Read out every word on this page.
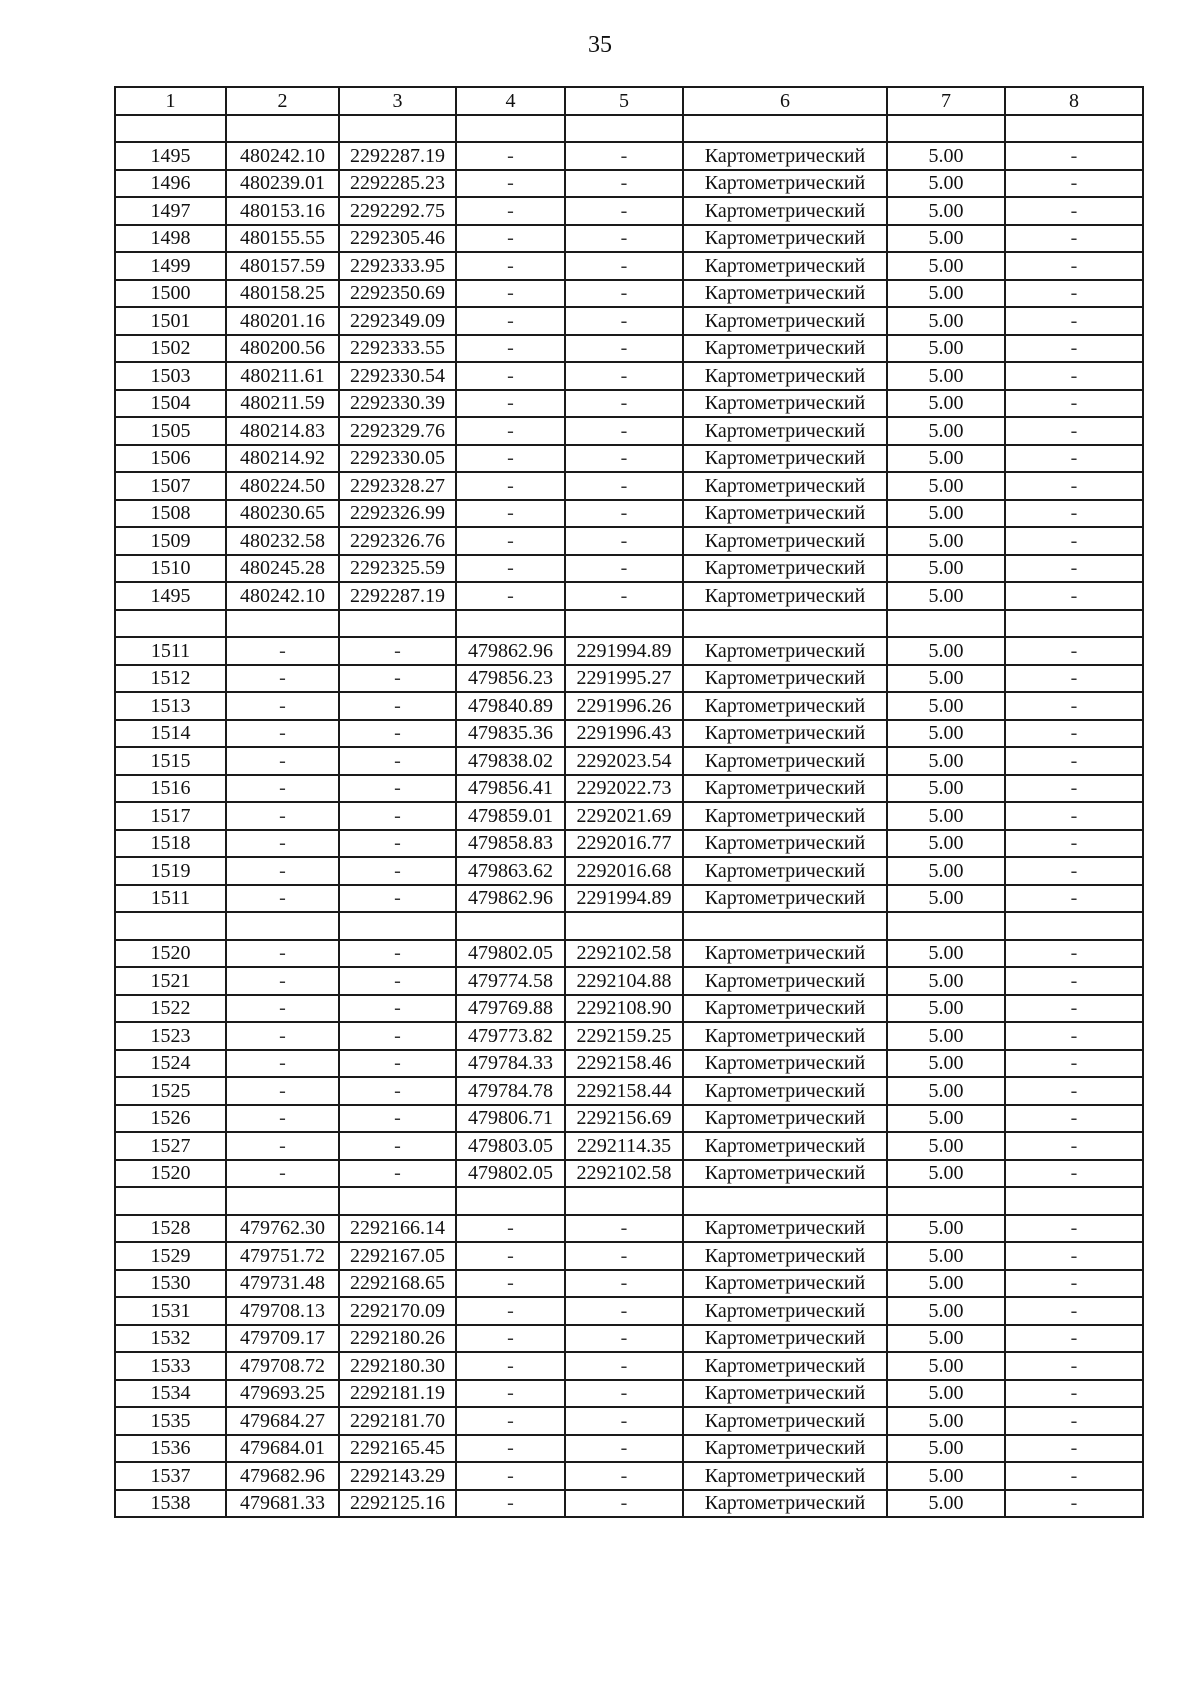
35
1	2	3	4	5	6	7	8

1495	480242.10	2292287.19	-	-	Картометрический	5.00	-
1496	480239.01	2292285.23	-	-	Картометрический	5.00	-
1497	480153.16	2292292.75	-	-	Картометрический	5.00	-
1498	480155.55	2292305.46	-	-	Картометрический	5.00	-
1499	480157.59	2292333.95	-	-	Картометрический	5.00	-
1500	480158.25	2292350.69	-	-	Картометрический	5.00	-
1501	480201.16	2292349.09	-	-	Картометрический	5.00	-
1502	480200.56	2292333.55	-	-	Картометрический	5.00	-
1503	480211.61	2292330.54	-	-	Картометрический	5.00	-
1504	480211.59	2292330.39	-	-	Картометрический	5.00	-
1505	480214.83	2292329.76	-	-	Картометрический	5.00	-
1506	480214.92	2292330.05	-	-	Картометрический	5.00	-
1507	480224.50	2292328.27	-	-	Картометрический	5.00	-
1508	480230.65	2292326.99	-	-	Картометрический	5.00	-
1509	480232.58	2292326.76	-	-	Картометрический	5.00	-
1510	480245.28	2292325.59	-	-	Картометрический	5.00	-
1495	480242.10	2292287.19	-	-	Картометрический	5.00	-

1511	-	-	479862.96	2291994.89	Картометрический	5.00	-
1512	-	-	479856.23	2291995.27	Картометрический	5.00	-
1513	-	-	479840.89	2291996.26	Картометрический	5.00	-
1514	-	-	479835.36	2291996.43	Картометрический	5.00	-
1515	-	-	479838.02	2292023.54	Картометрический	5.00	-
1516	-	-	479856.41	2292022.73	Картометрический	5.00	-
1517	-	-	479859.01	2292021.69	Картометрический	5.00	-
1518	-	-	479858.83	2292016.77	Картометрический	5.00	-
1519	-	-	479863.62	2292016.68	Картометрический	5.00	-
1511	-	-	479862.96	2291994.89	Картометрический	5.00	-

1520	-	-	479802.05	2292102.58	Картометрический	5.00	-
1521	-	-	479774.58	2292104.88	Картометрический	5.00	-
1522	-	-	479769.88	2292108.90	Картометрический	5.00	-
1523	-	-	479773.82	2292159.25	Картометрический	5.00	-
1524	-	-	479784.33	2292158.46	Картометрический	5.00	-
1525	-	-	479784.78	2292158.44	Картометрический	5.00	-
1526	-	-	479806.71	2292156.69	Картометрический	5.00	-
1527	-	-	479803.05	2292114.35	Картометрический	5.00	-
1520	-	-	479802.05	2292102.58	Картометрический	5.00	-

1528	479762.30	2292166.14	-	-	Картометрический	5.00	-
1529	479751.72	2292167.05	-	-	Картометрический	5.00	-
1530	479731.48	2292168.65	-	-	Картометрический	5.00	-
1531	479708.13	2292170.09	-	-	Картометрический	5.00	-
1532	479709.17	2292180.26	-	-	Картометрический	5.00	-
1533	479708.72	2292180.30	-	-	Картометрический	5.00	-
1534	479693.25	2292181.19	-	-	Картометрический	5.00	-
1535	479684.27	2292181.70	-	-	Картометрический	5.00	-
1536	479684.01	2292165.45	-	-	Картометрический	5.00	-
1537	479682.96	2292143.29	-	-	Картометрический	5.00	-
1538	479681.33	2292125.16	-	-	Картометрический	5.00	-
